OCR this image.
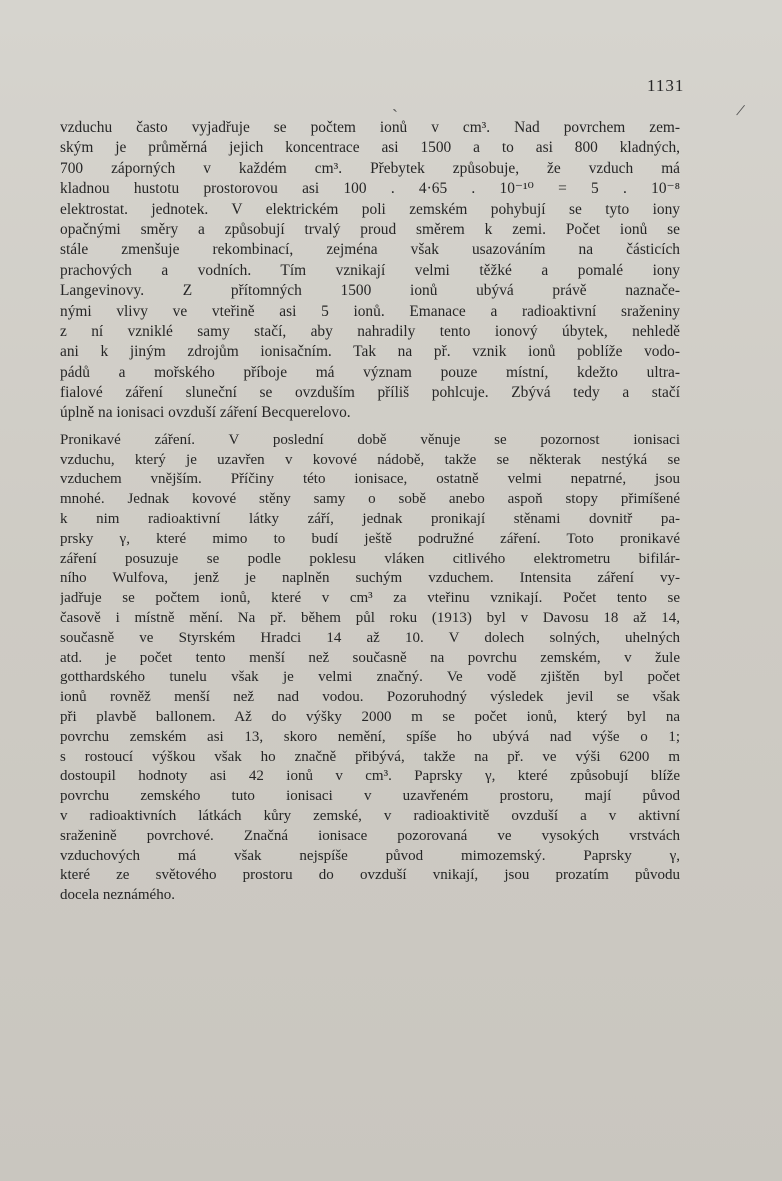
1131
ˎ	/
vzduchu často vyjadřuje se počtem ionů v cm³. Nad povrchem zem-
ským je průměrná jejich koncentrace asi 1500 a to asi 800 kladných,
700 záporných v každém cm³. Přebytek způsobuje, že vzduch má
kladnou hustotu prostorovou asi 100 . 4·65 . 10⁻¹⁰ = 5 . 10⁻⁸
elektrostat. jednotek. V elektrickém poli zemském pohybují se tyto iony
opačnými směry a způsobují trvalý proud směrem k zemi. Počet ionů se
stále zmenšuje rekombinací, zejména však usazováním na částicích
prachových a vodních. Tím vznikají velmi těžké a pomalé iony
Langevinovy. Z přítomných 1500 ionů ubývá právě naznače-
nými vlivy ve vteřině asi 5 ionů. Emanace a radioaktivní sraženiny
z ní vzniklé samy stačí, aby nahradily tento ionový úbytek, nehledě
ani k jiným zdrojům ionisačním. Tak na př. vznik ionů poblíže vodo-
pádů a mořského příboje má význam pouze místní, kdežto ultra-
fialové záření sluneční se ovzduším příliš pohlcuje. Zbývá tedy a stačí
úplně na ionisaci ovzduší záření Becquerelovo.
Pronikavé záření. V poslední době věnuje se pozornost ionisaci
vzduchu, který je uzavřen v kovové nádobě, takže se některak nestýká se
vzduchem vnějším. Příčiny této ionisace, ostatně velmi nepatrné, jsou
mnohé. Jednak kovové stěny samy o sobě anebo aspoň stopy přimíšené
k nim radioaktivní látky září, jednak pronikají stěnami dovnitř pa-
prsky γ, které mimo to budí ještě podružné záření. Toto pronikavé
záření posuzuje se podle poklesu vláken citlivého elektrometru bifilár-
ního Wulfova, jenž je naplněn suchým vzduchem. Intensita záření vy-
jadřuje se počtem ionů, které v cm³ za vteřinu vznikají. Počet tento se
časově i místně mění. Na př. během půl roku (1913) byl v Davosu 18 až 14,
současně ve Styrském Hradci 14 až 10. V dolech solných, uhelných
atd. je počet tento menší než současně na povrchu zemském, v žule
gotthardského tunelu však je velmi značný. Ve vodě zjištěn byl počet
ionů rovněž menší než nad vodou. Pozoruhodný výsledek jevil se však
při plavbě ballonem. Až do výšky 2000 m se počet ionů, který byl na
povrchu zemském asi 13, skoro nemění, spíše ho ubývá nad výše o 1;
s rostoucí výškou však ho značně přibývá, takže na př. ve výši 6200 m
dostoupil hodnoty asi 42 ionů v cm³. Paprsky γ, které způsobují blíže
povrchu zemského tuto ionisaci v uzavřeném prostoru, mají původ
v radioaktivních látkách kůry zemské, v radioaktivitě ovzduší a v aktivní
sraženině povrchové. Značná ionisace pozorovaná ve vysokých vrstvách
vzduchových má však nejspíše původ mimozemský. Paprsky γ,
které ze světového prostoru do ovzduší vnikají, jsou prozatím původu
docela neznámého.
